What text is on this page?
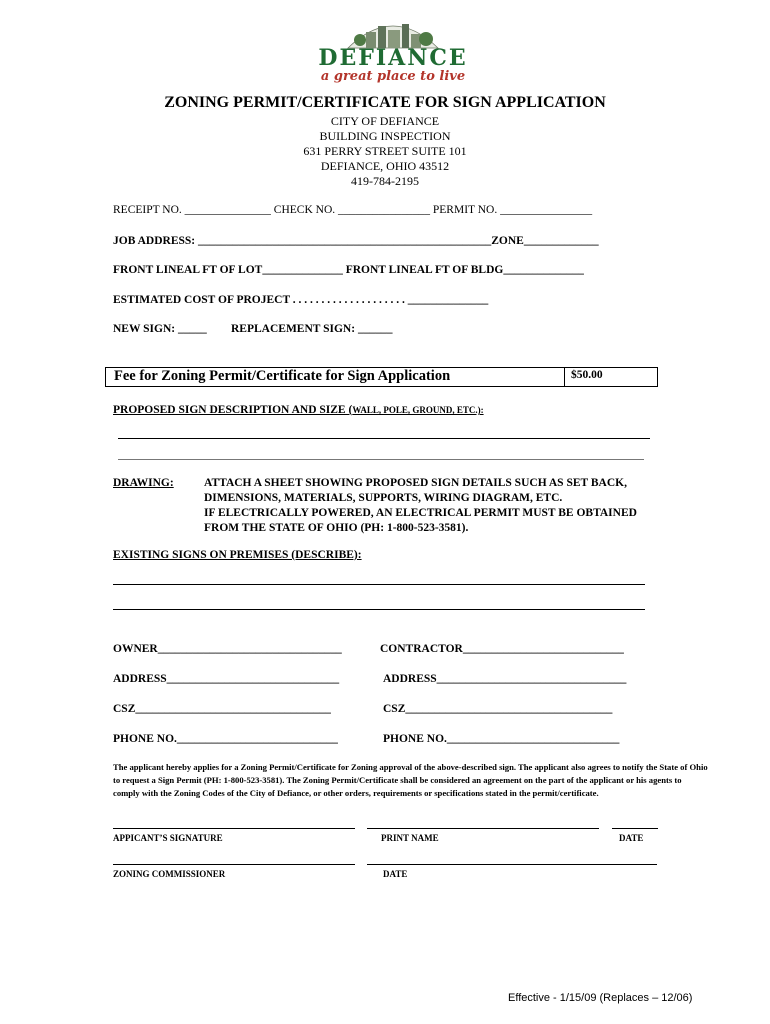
DEFIANCE
a great place to live
ZONING PERMIT/CERTIFICATE FOR SIGN APPLICATION
CITY OF DEFIANCE
BUILDING INSPECTION
631 PERRY STREET SUITE 101
DEFIANCE, OHIO 43512
419-784-2195
RECEIPT NO. _______________ CHECK NO. ________________ PERMIT NO. ________________
JOB ADDRESS: ___________________________________________________ZONE_____________
FRONT LINEAL FT OF LOT______________ FRONT LINEAL FT OF BLDG______________
ESTIMATED COST OF PROJECT . . . . . . . . . . . . . . . . . . . . ______________
NEW SIGN: _____ REPLACEMENT SIGN: ______
Fee for Zoning Permit/Certificate for Sign Application	$50.00
PROPOSED SIGN DESCRIPTION AND SIZE (WALL, POLE, GROUND, ETC.):
DRAWING:	ATTACH A SHEET SHOWING PROPOSED SIGN DETAILS SUCH AS SET BACK,
DIMENSIONS, MATERIALS, SUPPORTS, WIRING DIAGRAM, ETC.
IF ELECTRICALLY POWERED, AN ELECTRICAL PERMIT MUST BE OBTAINED
FROM THE STATE OF OHIO (PH: 1-800-523-3581).
EXISTING SIGNS ON PREMISES (DESCRIBE):
OWNER________________________________	CONTRACTOR____________________________
ADDRESS______________________________	ADDRESS_________________________________
CSZ__________________________________	CSZ____________________________________
PHONE NO.____________________________	PHONE NO.______________________________
The applicant hereby applies for a Zoning Permit/Certificate for Zoning approval of the above-described sign. The applicant also agrees to notify the State of Ohio to request a Sign Permit (PH: 1-800-523-3581). The Zoning Permit/Certificate shall be considered an agreement on the part of the applicant or his agents to comply with the Zoning Codes of the City of Defiance, or other orders, requirements or specifications stated in the permit/certificate.
APPICANT’S SIGNATURE	PRINT NAME	DATE
ZONING COMMISSIONER	DATE
Effective - 1/15/09 (Replaces – 12/06)
